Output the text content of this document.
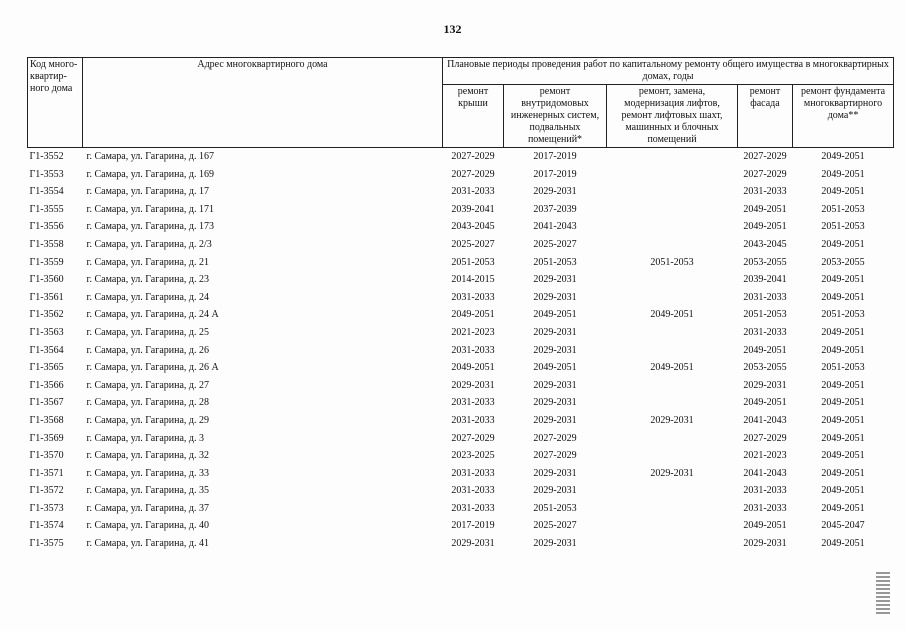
132
Код много-квартир-ного дома	Адрес многоквартирного дома	Плановые периоды проведения работ по капитальному ремонту общего имущества в многоквартирных домах, годы				
		ремонт крыши	ремонт внутридомовых инженерных систем, подвальных помещений*	ремонт, замена, модернизация лифтов, ремонт лифтовых шахт, машинных и блочных помещений	ремонт фасада	ремонт фундамента многоквартирного дома**
Г1-3552	г. Самара, ул. Гагарина, д. 167	2027-2029	2017-2019		2027-2029	2049-2051
Г1-3553	г. Самара, ул. Гагарина, д. 169	2027-2029	2017-2019		2027-2029	2049-2051
Г1-3554	г. Самара, ул. Гагарина, д. 17	2031-2033	2029-2031		2031-2033	2049-2051
Г1-3555	г. Самара, ул. Гагарина, д. 171	2039-2041	2037-2039		2049-2051	2051-2053
Г1-3556	г. Самара, ул. Гагарина, д. 173	2043-2045	2041-2043		2049-2051	2051-2053
Г1-3558	г. Самара, ул. Гагарина, д. 2/3	2025-2027	2025-2027		2043-2045	2049-2051
Г1-3559	г. Самара, ул. Гагарина, д. 21	2051-2053	2051-2053	2051-2053	2053-2055	2053-2055
Г1-3560	г. Самара, ул. Гагарина, д. 23	2014-2015	2029-2031		2039-2041	2049-2051
Г1-3561	г. Самара, ул. Гагарина, д. 24	2031-2033	2029-2031		2031-2033	2049-2051
Г1-3562	г. Самара, ул. Гагарина, д. 24 А	2049-2051	2049-2051	2049-2051	2051-2053	2051-2053
Г1-3563	г. Самара, ул. Гагарина, д. 25	2021-2023	2029-2031		2031-2033	2049-2051
Г1-3564	г. Самара, ул. Гагарина, д. 26	2031-2033	2029-2031		2049-2051	2049-2051
Г1-3565	г. Самара, ул. Гагарина, д. 26 А	2049-2051	2049-2051	2049-2051	2053-2055	2051-2053
Г1-3566	г. Самара, ул. Гагарина, д. 27	2029-2031	2029-2031		2029-2031	2049-2051
Г1-3567	г. Самара, ул. Гагарина, д. 28	2031-2033	2029-2031		2049-2051	2049-2051
Г1-3568	г. Самара, ул. Гагарина, д. 29	2031-2033	2029-2031	2029-2031	2041-2043	2049-2051
Г1-3569	г. Самара, ул. Гагарина, д. 3	2027-2029	2027-2029		2027-2029	2049-2051
Г1-3570	г. Самара, ул. Гагарина, д. 32	2023-2025	2027-2029		2021-2023	2049-2051
Г1-3571	г. Самара, ул. Гагарина, д. 33	2031-2033	2029-2031	2029-2031	2041-2043	2049-2051
Г1-3572	г. Самара, ул. Гагарина, д. 35	2031-2033	2029-2031		2031-2033	2049-2051
Г1-3573	г. Самара, ул. Гагарина, д. 37	2031-2033	2051-2053		2031-2033	2049-2051
Г1-3574	г. Самара, ул. Гагарина, д. 40	2017-2019	2025-2027		2049-2051	2045-2047
Г1-3575	г. Самара, ул. Гагарина, д. 41	2029-2031	2029-2031		2029-2031	2049-2051
